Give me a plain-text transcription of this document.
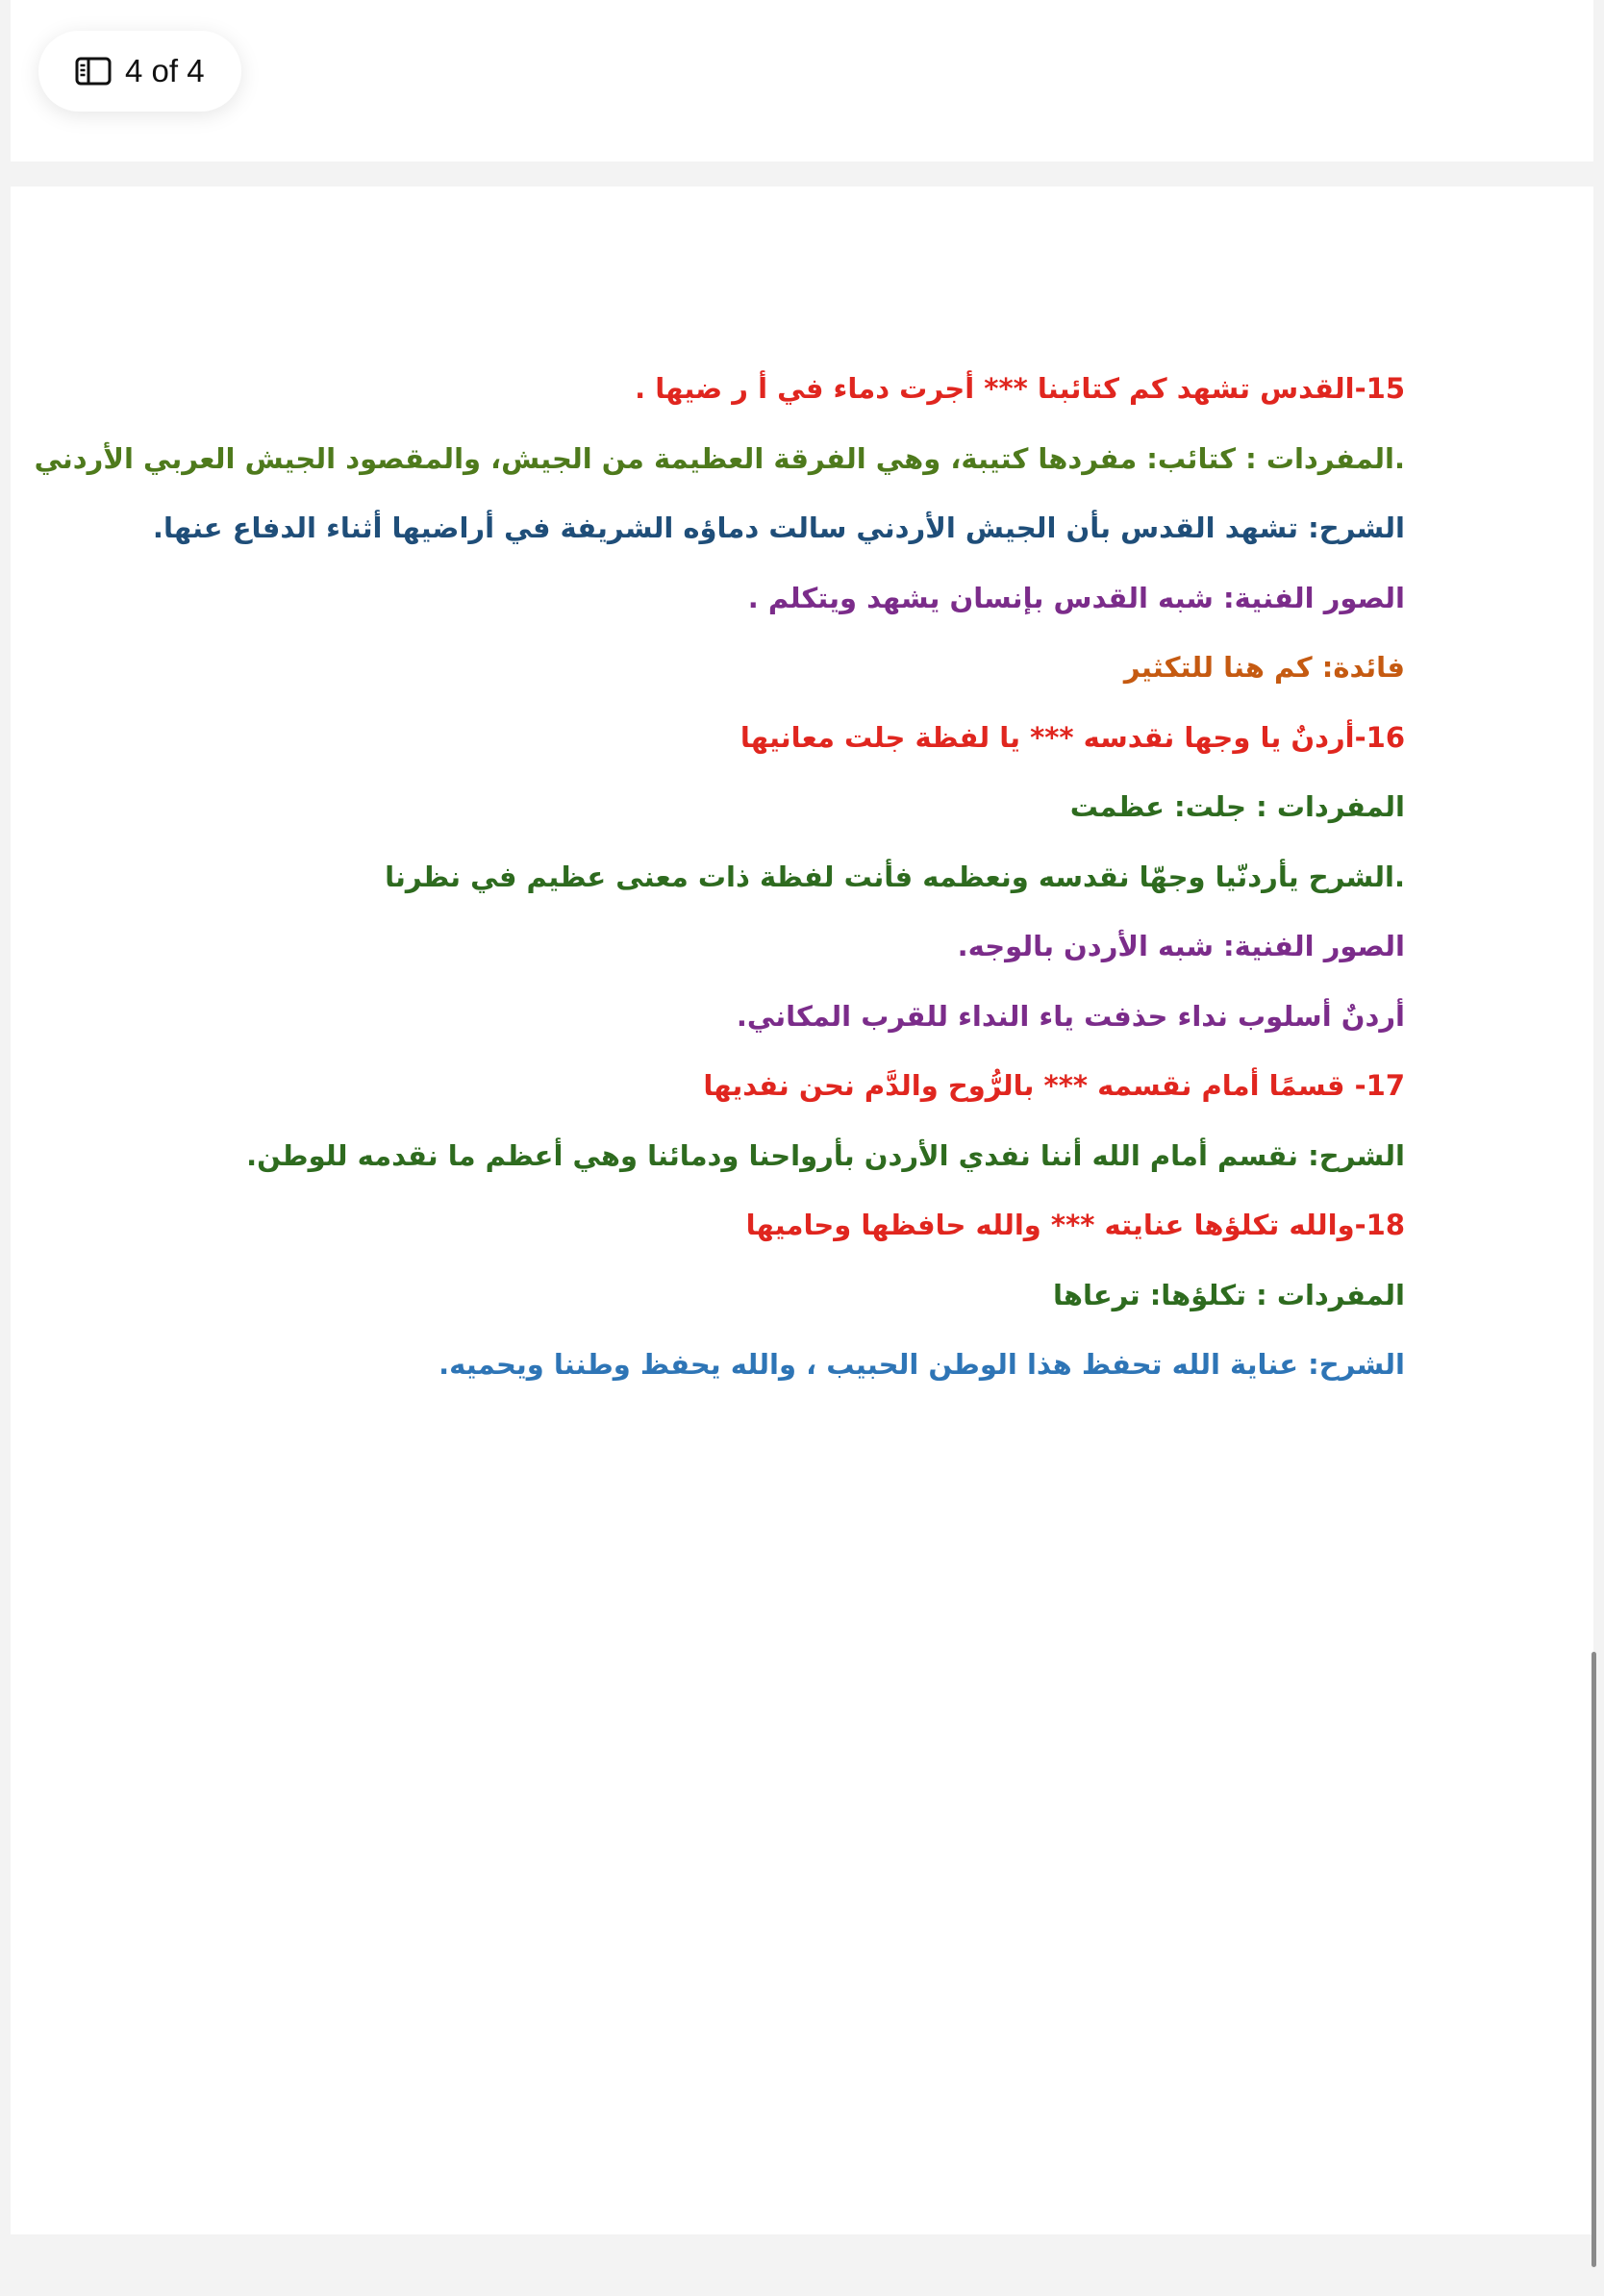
4 of 4
15-القدس تشهد كم كتائبنا *** أجرت دماء في أ ر ضيها .
.المفردات : كتائب: مفردها كتيبة، وهي الفرقة العظيمة من الجيش، والمقصود الجيش العربي الأردني
الشرح: تشهد القدس بأن الجيش الأردني سالت دماؤه الشريفة في أراضيها أثناء الدفاع عنها.
الصور الفنية: شبه القدس بإنسان يشهد ويتكلم .
فائدة: كم هنا للتكثير
16-أردنٌ يا وجها نقدسه *** يا لفظة جلت معانيها
المفردات : جلت: عظمت
.الشرح يأردنّيا وجهّا نقدسه ونعظمه فأنت لفظة ذات معنى عظيم في نظرنا
الصور الفنية: شبه الأردن بالوجه.
أردنٌ أسلوب نداء حذفت ياء النداء للقرب المكاني.
17- قسمًا أمام نقسمه *** بالرُّوح والدَّم نحن نفديها
الشرح: نقسم أمام الله أننا نفدي الأردن بأرواحنا ودمائنا وهي أعظم ما نقدمه للوطن.
18-والله تكلؤها عنايته *** والله حافظها وحاميها
المفردات : تكلؤها: ترعاها
الشرح: عناية الله تحفظ هذا الوطن الحبيب ، والله يحفظ وطننا ويحميه.
